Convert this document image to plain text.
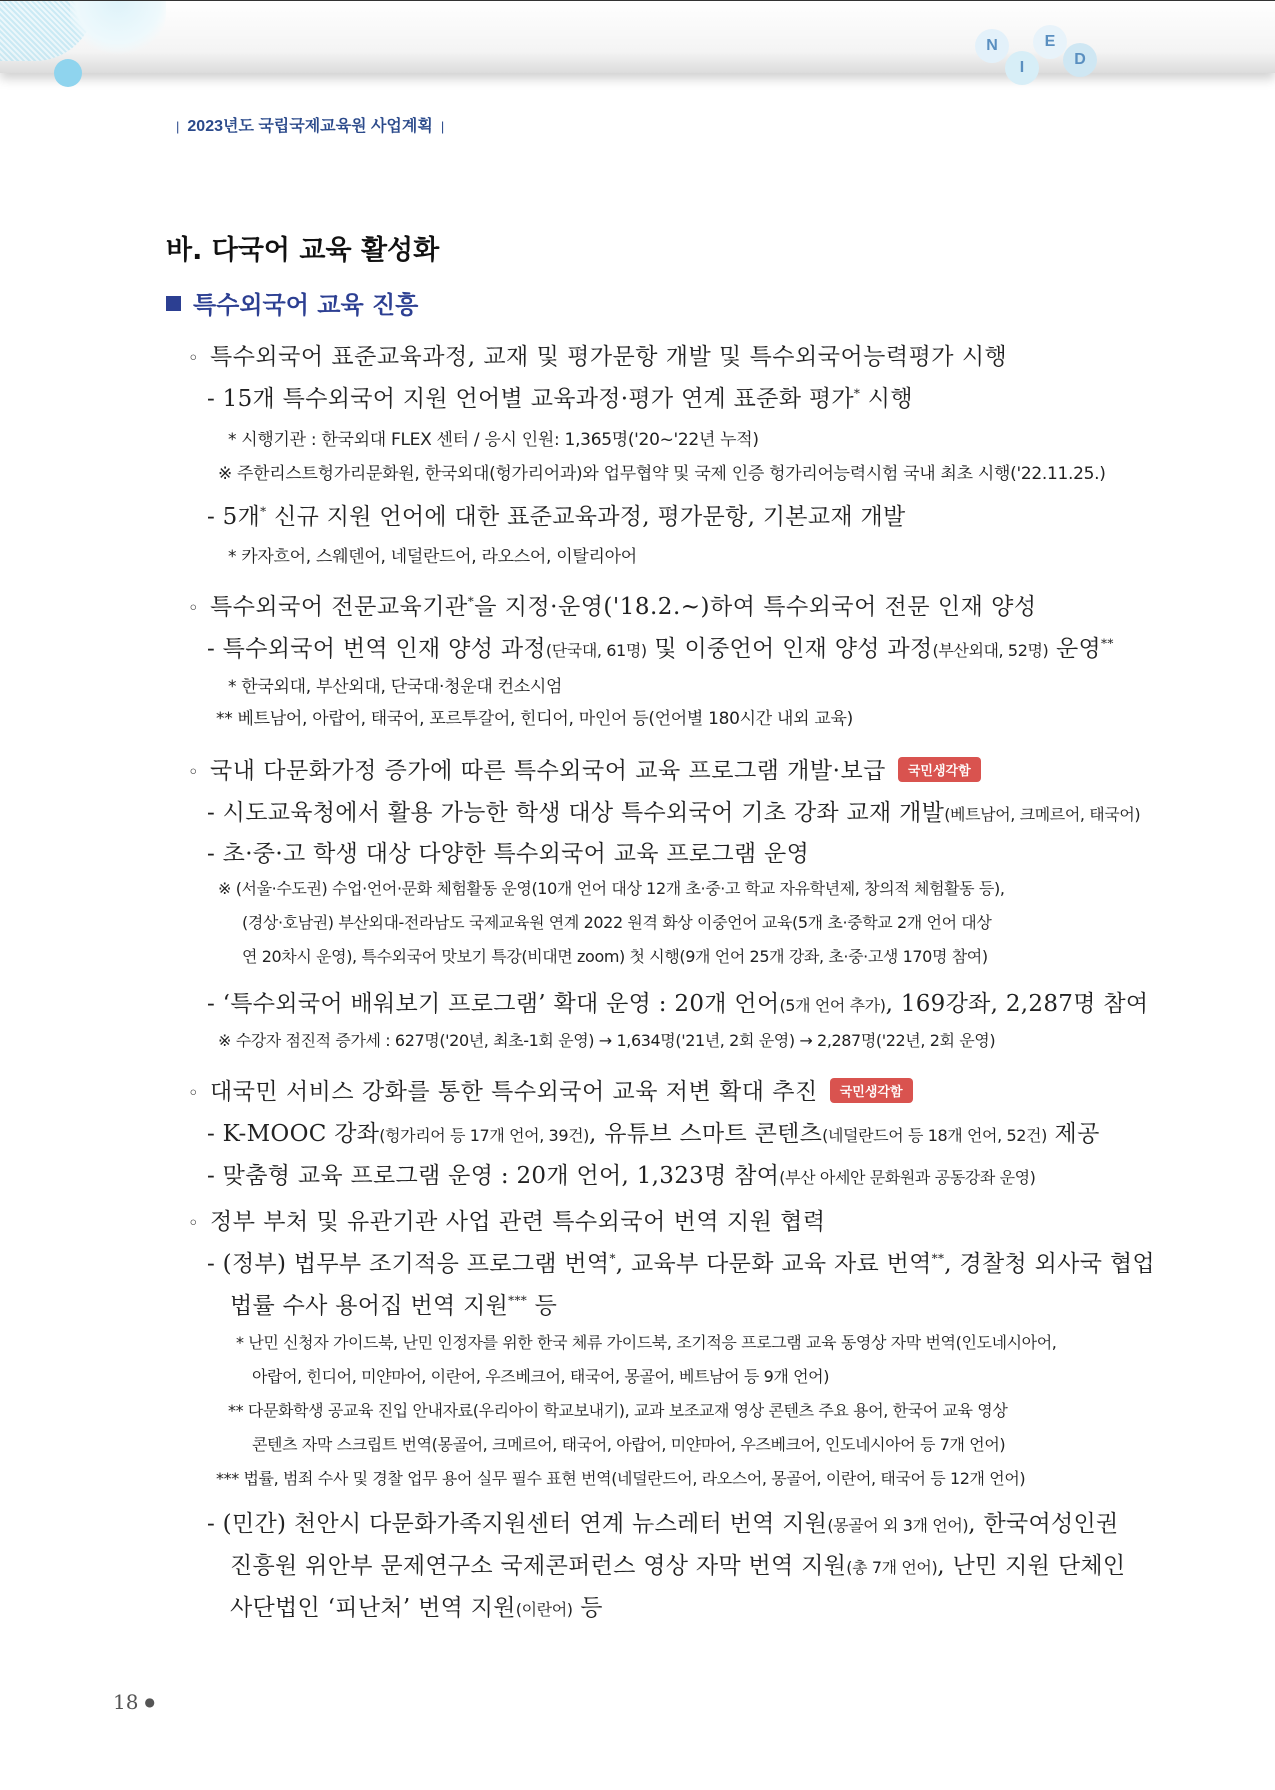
N
I
E
D
| 2023년도 국립국제교육원 사업계획 |
바. 다국어 교육 활성화
특수외국어 교육 진흥
◦ 특수외국어 표준교육과정, 교재 및 평가문항 개발 및 특수외국어능력평가 시행
- 15개 특수외국어 지원 언어별 교육과정·평가 연계 표준화 평가* 시행
* 시행기관 : 한국외대 FLEX 센터 / 응시 인원: 1,365명('20~'22년 누적)
※ 주한리스트헝가리문화원, 한국외대(헝가리어과)와 업무협약 및 국제 인증 헝가리어능력시험 국내 최초 시행('22.11.25.)
- 5개* 신규 지원 언어에 대한 표준교육과정, 평가문항, 기본교재 개발
* 카자흐어, 스웨덴어, 네덜란드어, 라오스어, 이탈리아어
◦ 특수외국어 전문교육기관*을 지정·운영('18.2.~)하여 특수외국어 전문 인재 양성
- 특수외국어 번역 인재 양성 과정(단국대, 61명) 및 이중언어 인재 양성 과정(부산외대, 52명) 운영**
* 한국외대, 부산외대, 단국대·청운대 컨소시엄
** 베트남어, 아랍어, 태국어, 포르투갈어, 힌디어, 마인어 등(언어별 180시간 내외 교육)
◦ 국내 다문화가정 증가에 따른 특수외국어 교육 프로그램 개발·보급 국민생각함
- 시도교육청에서 활용 가능한 학생 대상 특수외국어 기초 강좌 교재 개발(베트남어, 크메르어, 태국어)
- 초·중·고 학생 대상 다양한 특수외국어 교육 프로그램 운영
※ (서울·수도권) 수업·언어·문화 체험활동 운영(10개 언어 대상 12개 초·중·고 학교 자유학년제, 창의적 체험활동 등),
(경상·호남권) 부산외대-전라남도 국제교육원 연계 2022 원격 화상 이중언어 교육(5개 초·중학교 2개 언어 대상
연 20차시 운영), 특수외국어 맛보기 특강(비대면 zoom) 첫 시행(9개 언어 25개 강좌, 초·중·고생 170명 참여)
- ‘특수외국어 배워보기 프로그램’ 확대 운영 : 20개 언어(5개 언어 추가), 169강좌, 2,287명 참여
※ 수강자 점진적 증가세 : 627명('20년, 최초-1회 운영) → 1,634명('21년, 2회 운영) → 2,287명('22년, 2회 운영)
◦ 대국민 서비스 강화를 통한 특수외국어 교육 저변 확대 추진 국민생각함
- K-MOOC 강좌(헝가리어 등 17개 언어, 39건), 유튜브 스마트 콘텐츠(네덜란드어 등 18개 언어, 52건) 제공
- 맞춤형 교육 프로그램 운영 : 20개 언어, 1,323명 참여(부산 아세안 문화원과 공동강좌 운영)
◦ 정부 부처 및 유관기관 사업 관련 특수외국어 번역 지원 협력
- (정부) 법무부 조기적응 프로그램 번역*, 교육부 다문화 교육 자료 번역**, 경찰청 외사국 협업
법률 수사 용어집 번역 지원*** 등
* 난민 신청자 가이드북, 난민 인정자를 위한 한국 체류 가이드북, 조기적응 프로그램 교육 동영상 자막 번역(인도네시아어,
아랍어, 힌디어, 미얀마어, 이란어, 우즈베크어, 태국어, 몽골어, 베트남어 등 9개 언어)
** 다문화학생 공교육 진입 안내자료(우리아이 학교보내기), 교과 보조교재 영상 콘텐츠 주요 용어, 한국어 교육 영상
콘텐츠 자막 스크립트 번역(몽골어, 크메르어, 태국어, 아랍어, 미얀마어, 우즈베크어, 인도네시아어 등 7개 언어)
*** 법률, 범죄 수사 및 경찰 업무 용어 실무 필수 표현 번역(네덜란드어, 라오스어, 몽골어, 이란어, 태국어 등 12개 언어)
- (민간) 천안시 다문화가족지원센터 연계 뉴스레터 번역 지원(몽골어 외 3개 언어), 한국여성인권
진흥원 위안부 문제연구소 국제콘퍼런스 영상 자막 번역 지원(총 7개 언어), 난민 지원 단체인
사단법인 ‘피난처’ 번역 지원(이란어) 등
18 ●
